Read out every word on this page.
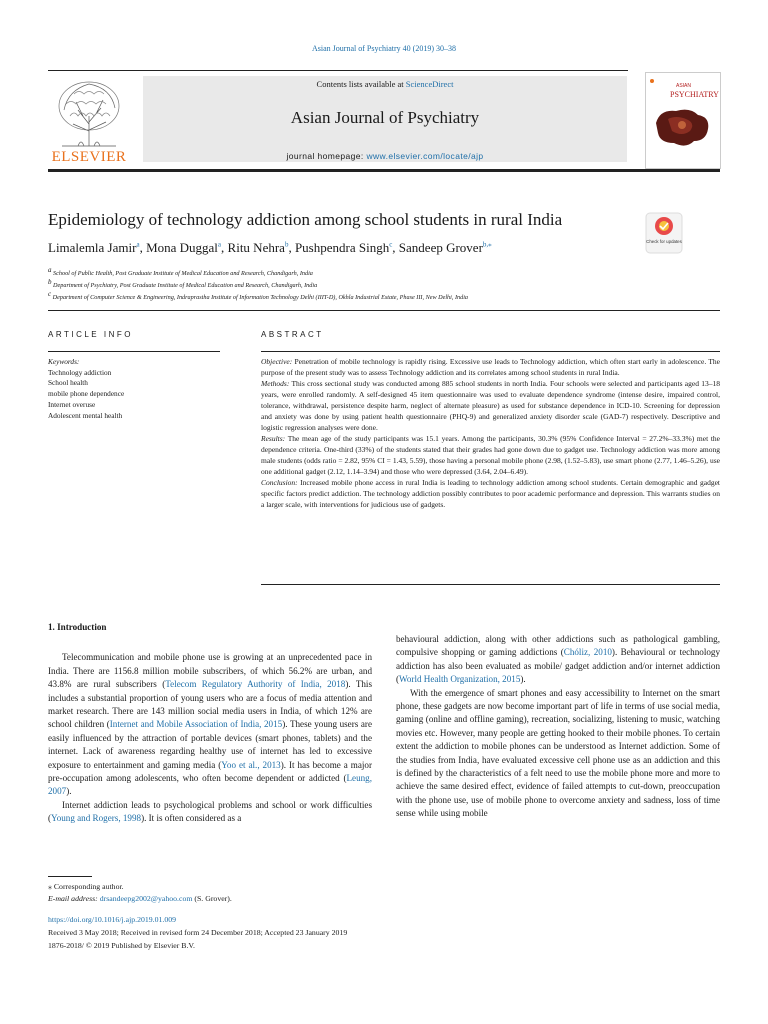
Asian Journal of Psychiatry 40 (2019) 30–38
ELSEVIER
Contents lists available at ScienceDirect
Asian Journal of Psychiatry
journal homepage: www.elsevier.com/locate/ajp
ASIAN
PSYCHIATRY
Epidemiology of technology addiction among school students in rural India
Check for updates
Limalemla Jamir$^a$, Mona Duggal$^a$, Ritu Nehra$^b$, Pushpendra Singh$^c$, Sandeep Grover$^{b,⁎}$
$^a$ School of Public Health, Post Graduate Institute of Medical Education and Research, Chandigarh, India
$^b$ Department of Psychiatry, Post Graduate Institute of Medical Education and Research, Chandigarh, India
$^c$ Department of Computer Science & Engineering, Indraprastha Institute of Information Technology Delhi (IIIT-D), Okhla Industrial Estate, Phase III, New Delhi, India
ARTICLE INFO	ABSTRACT
Keywords:
Technology addiction
School health
mobile phone dependence
Internet overuse
Adolescent mental health

Objective: Penetration of mobile technology is rapidly rising. Excessive use leads to Technology addiction, which often start early in adolescence. The purpose of the present study was to assess Technology addiction and its correlates among school students in rural India.

Methods: This cross sectional study was conducted among 885 school students in north India. Four schools were selected and participants aged 13–18 years, were enrolled randomly. A self-designed 45 item questionnaire was used to evaluate dependence syndrome (intense desire, impaired control, tolerance, withdrawal, persistence despite harm, neglect of alternate pleasure) as used for substance dependence in ICD-10. Screening for depression and anxiety was done by using patient health questionnaire (PHQ-9) and generalized anxiety disorder scale (GAD-7) respectively. Descriptive and logistic regression analyses were done.

Results: The mean age of the study participants was 15.1 years. Among the participants, 30.3% (95% Confidence Interval = 27.2%–33.3%) met the dependence criteria. One-third (33%) of the students stated that their grades had gone down due to gadget use. Technology addiction was more among male students (odds ratio = 2.82, 95% CI = 1.43, 5.59), those having a personal mobile phone (2.98, (1.52–5.83), use smart phone (2.77, 1.46–5.26), use one additional gadget (2.12, 1.14–3.94) and those who were depressed (3.64, 2.04–6.49).

Conclusion: Increased mobile phone access in rural India is leading to technology addiction among school students. Certain demographic and gadget specific factors predict addiction. The technology addiction possibly contributes to poor academic performance and depression. This warrants studies on a larger scale, with interventions for judicious use of gadgets.

1. Introduction

Telecommunication and mobile phone use is growing at an unprecedented pace in India. There are 1156.8 million mobile subscribers, of which 56.2% are urban, and 43.8% are rural subscribers (Telecom Regulatory Authority of India, 2018). This includes a substantial proportion of young users who are a focus of media attention and market research. There are 143 million social media users in India, of which 12% are school children (Internet and Mobile Association of India, 2015). These young users are easily influenced by the attraction of portable devices (smart phones, tablets) and the internet. Lack of awareness regarding healthy use of internet has led to excessive exposure to entertainment and gaming media (Yoo et al., 2013). It has become a major pre-occupation among adolescents, who often become dependent or addicted (Leung, 2007).

Internet addiction leads to psychological problems and school or work difficulties (Young and Rogers, 1998). It is often considered as a

behavioural addiction, along with other addictions such as pathological gambling, compulsive shopping or gaming addictions (Chóliz, 2010). Behavioural or technology addiction has also been evaluated as mobile/ gadget addiction and/or internet addiction (World Health Organization, 2015).

With the emergence of smart phones and easy accessibility to Internet on the smart phone, these gadgets are now become important part of life in terms of use social media, gaming (online and offline gaming), recreation, socializing, listening to music, watching movies etc. However, many people are getting hooked to their mobile phones. To certain extent the addiction to mobile phones can be understood as Internet addiction. Some of the studies from India, have evaluated excessive cell phone use as an addiction and this is defined by the characteristics of a felt need to use the mobile phone more and more to achieve the same desired effect, evidence of failed attempts to cut-down, preoccupation with the phone use, use of mobile phone to overcome anxiety and sadness, loss of time sense while using mobile

⁎ Corresponding author.
E-mail address: drsandeepg2002@yahoo.com (S. Grover).
https://doi.org/10.1016/j.ajp.2019.01.009
Received 3 May 2018; Received in revised form 24 December 2018; Accepted 23 January 2019
1876-2018/ © 2019 Published by Elsevier B.V.
